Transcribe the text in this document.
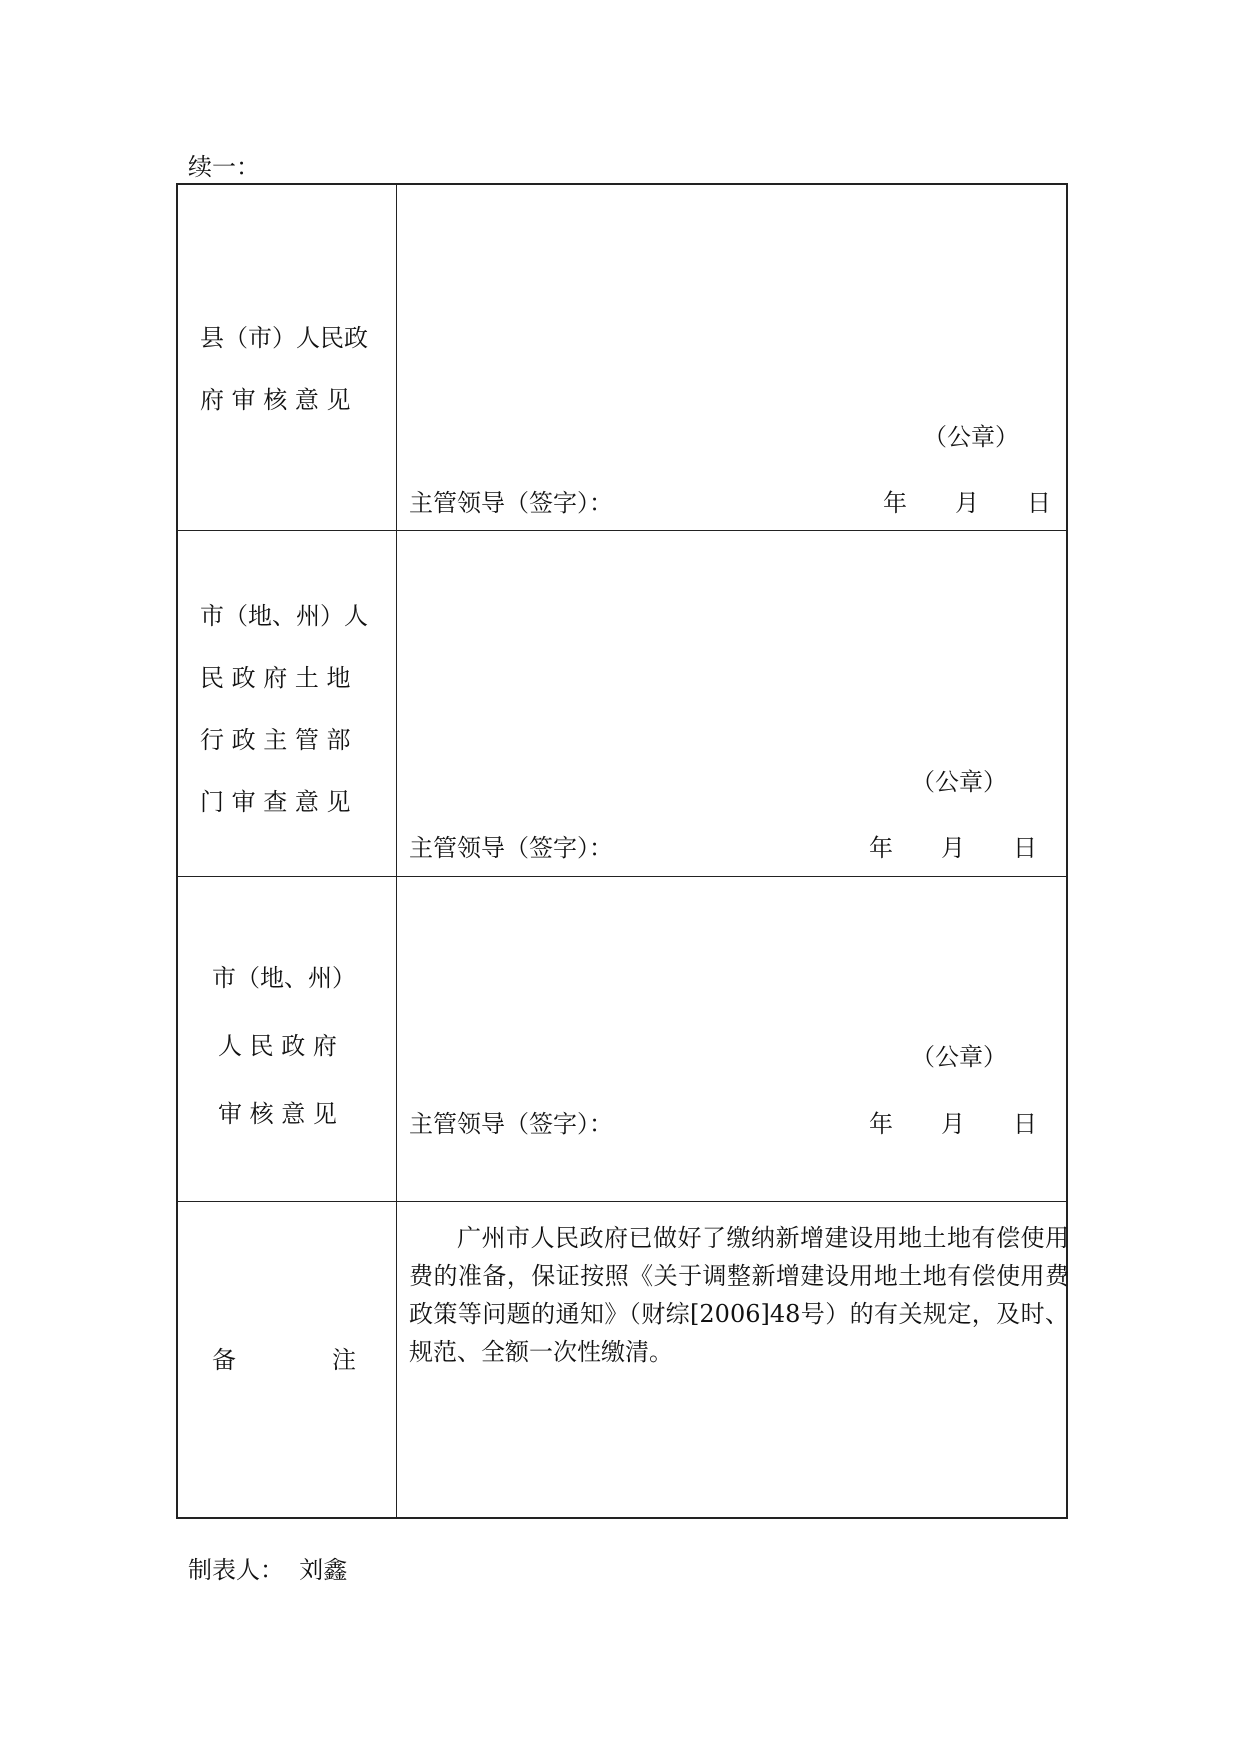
续一：
县（市）人民政
府 审 核 意 见
（公章）
主管领导（签字）：	年　　月　　日
市（地、州）人
民 政 府 土 地
行 政 主 管 部
门 审 查 意 见
（公章）
主管领导（签字）：	年　　月　　日
市（地、州）
人 民 政 府
审 核 意 见
（公章）
主管领导（签字）：	年　　月　　日
备　　　　注
广州市人民政府已做好了缴纳新增建设用地土地有偿使用费的准备，保证按照《关于调整新增建设用地土地有偿使用费政策等问题的通知》（财综[2006]48号）的有关规定，及时、规范、全额一次性缴清。
制表人： 刘鑫
